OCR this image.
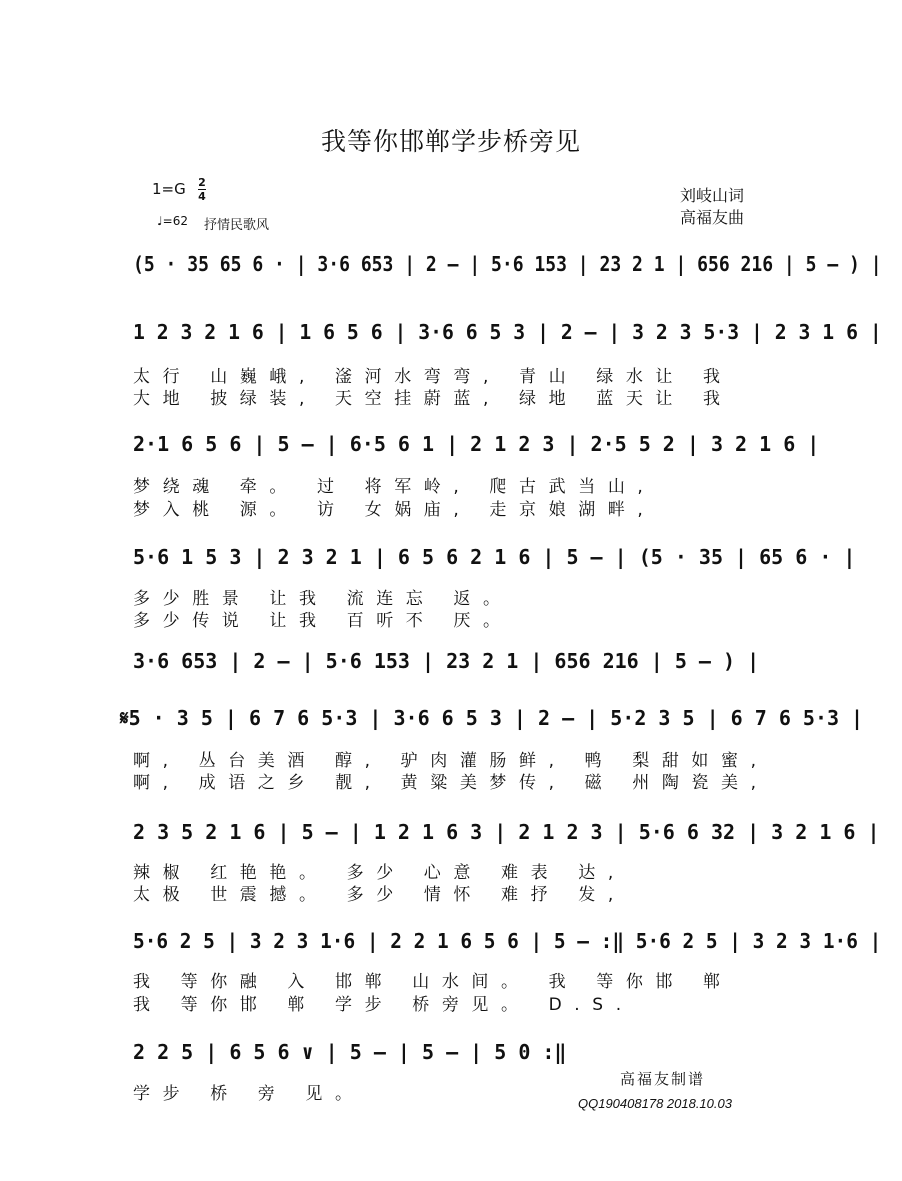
我等你邯郸学步桥旁见
1=G 2
4
♩=62 抒情民歌风
刘岐山词
高福友曲
(5 · 35 65 6 · | 3·6 653 | 2 – | 5·6 153 | 23 2 1 | 656 216 | 5 – ) |
1 2 3 2 1 6 | 1 6 5 6 | 3·6 6 5 3 | 2 – | 3 2 3 5·3 | 2 3 1 6 |
太行 山巍峨, 滏河水弯弯, 青山 绿水让 我
大地 披绿装, 天空挂蔚蓝, 绿地 蓝天让 我
2·1 6 5 6 | 5 – | 6·5 6 1 | 2 1 2 3 | 2·5 5 2 | 3 2 1 6 |
梦绕魂 牵。 过 将军岭, 爬古武当山,
梦入桃 源。 访 女娲庙, 走京娘湖畔,
5·6 1 5 3 | 2 3 2 1 | 6 5 6 2 1 6 | 5 – | (5 · 35 | 65 6 · |
多少胜景 让我 流连忘 返。
多少传说 让我 百听不 厌。
3·6 653 | 2 – | 5·6 153 | 23 2 1 | 656 216 | 5 – ) |
𝄋5 · 3 5 | 6 7 6 5·3 | 3·6 6 5 3 | 2 – | 5·2 3 5 | 6 7 6 5·3 |
啊, 丛台美酒 醇, 驴肉灌肠鲜, 鸭 梨甜如蜜,
啊, 成语之乡 靓, 黄粱美梦传, 磁 州陶瓷美,
2 3 5 2 1 6 | 5 – | 1 2 1 6 3 | 2 1 2 3 | 5·6 6 32 | 3 2 1 6 |
辣椒 红艳艳。 多少 心意 难表 达,
太极 世震撼。 多少 情怀 难抒 发,
5·6 2 5 | 3 2 3 1·6 | 2 2 1 6 5 6 | 5 – :‖ 5·6 2 5 | 3 2 3 1·6 |
我 等你融 入 邯郸 山水间。 我 等你邯 郸
我 等你邯 郸 学步 桥旁见。 D.S.
2 2 5 | 6 5 6 ∨ | 5 – | 5 – | 5 0 :‖
学步 桥 旁 见。
高福友制谱
QQ190408178 2018.10.03
